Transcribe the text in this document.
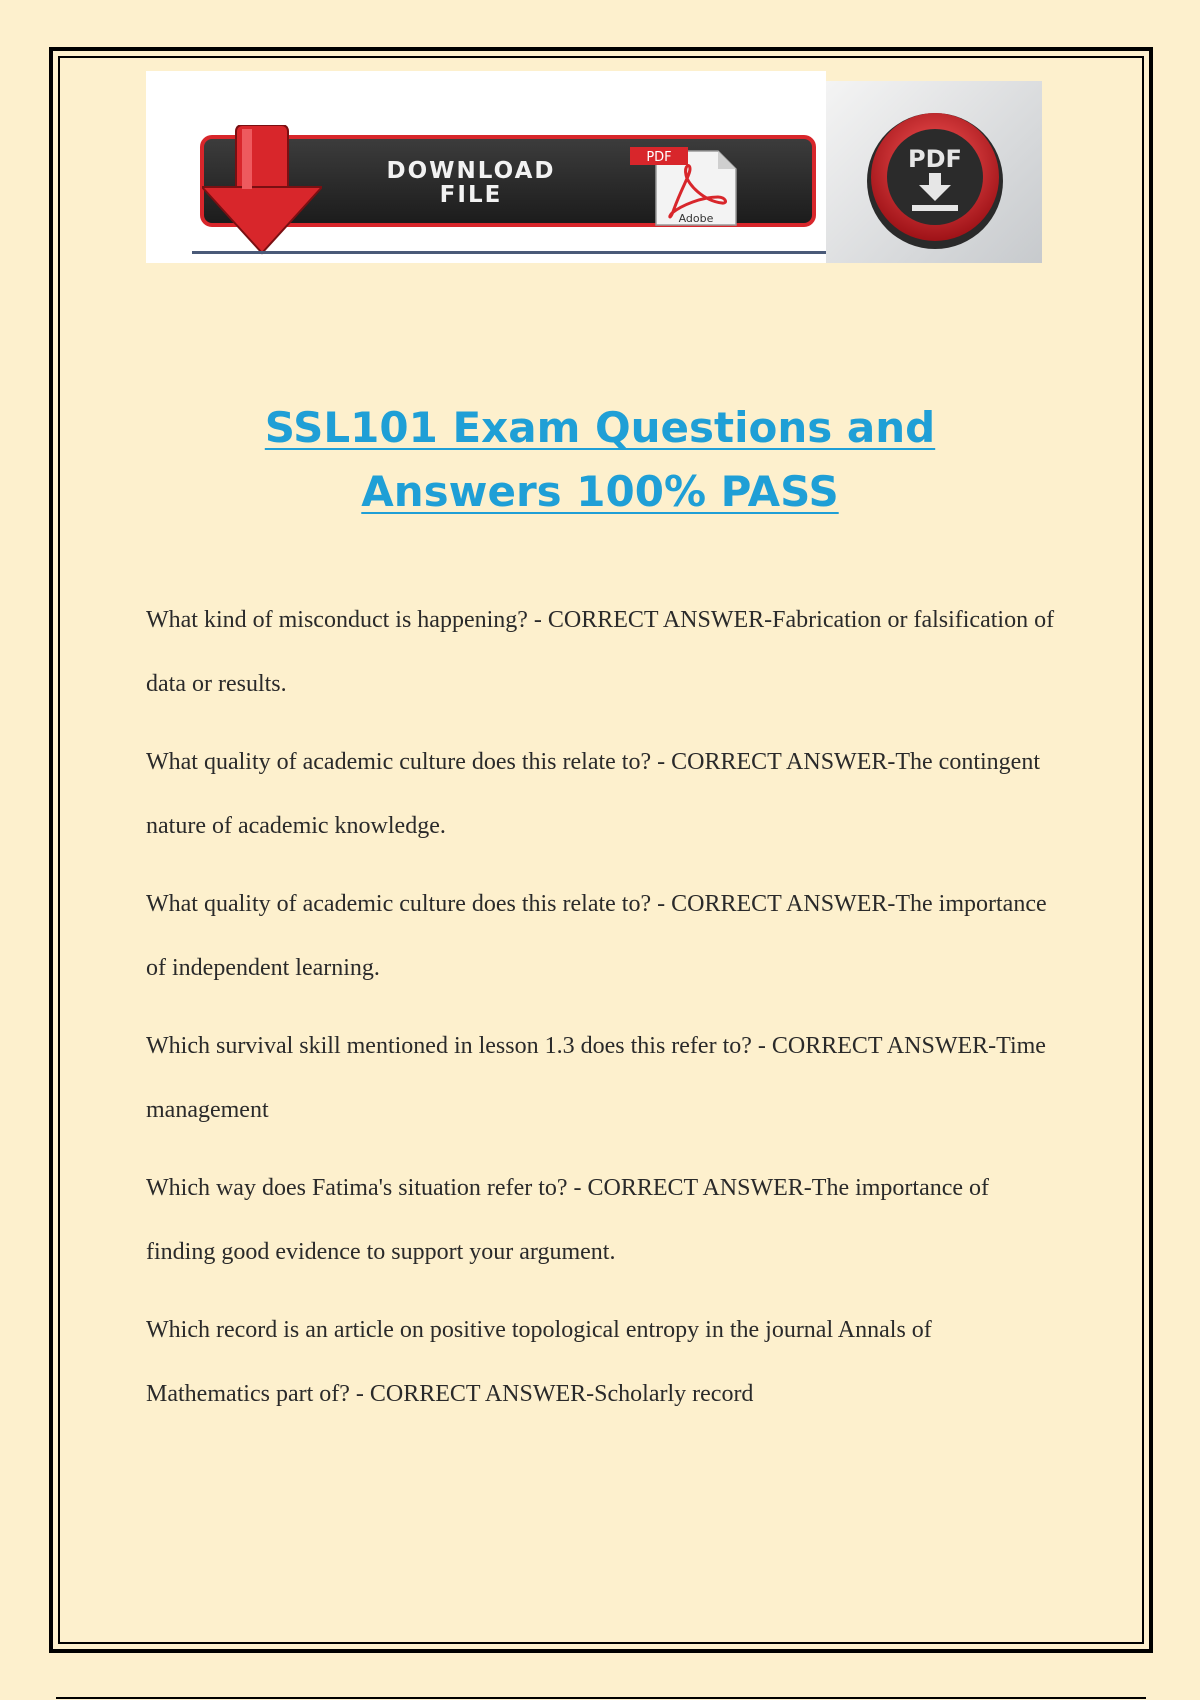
DOWNLOAD
FILE
PDF
Adobe
PDF
SSL101 Exam Questions and
Answers 100% PASS
What kind of misconduct is happening? - CORRECT ANSWER-Fabrication or falsification of data or results.
What quality of academic culture does this relate to? - CORRECT ANSWER-The contingent nature of academic knowledge.
What quality of academic culture does this relate to? - CORRECT ANSWER-The importance of independent learning.
Which survival skill mentioned in lesson 1.3 does this refer to? - CORRECT ANSWER-Time management
Which way does Fatima's situation refer to? - CORRECT ANSWER-The importance of finding good evidence to support your argument.
Which record is an article on positive topological entropy in the journal Annals of Mathematics part of? - CORRECT ANSWER-Scholarly record
